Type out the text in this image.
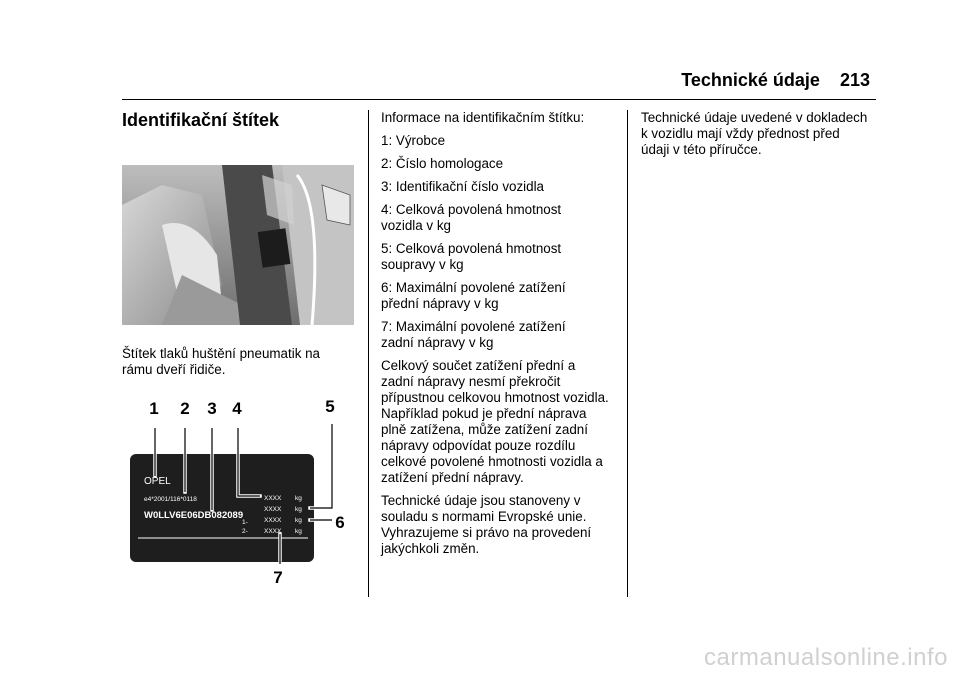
Technické údaje 213
Identifikační štítek
Štítek tlaků huštění pneumatik na rámu dveří řidiče.
OPEL
e4*2001/116*0118
W0LLV6E06DB082089
XXXX
XXXX
XXXX
XXXX
kg
kg
kg
kg
1-
2-
1 2 3 4	5
6
7

Informace na identifikačním štítku:

1: Výrobce

2: Číslo homologace

3: Identifikační číslo vozidla

4: Celková povolená hmotnost vozidla v kg

5: Celková povolená hmotnost soupravy v kg

6: Maximální povolené zatížení přední nápravy v kg

7: Maximální povolené zatížení zadní nápravy v kg

Celkový součet zatížení přední a zadní nápravy nesmí překročit přípustnou celkovou hmotnost vozidla. Například pokud je přední náprava plně zatížena, může zatížení zadní nápravy odpovídat pouze rozdílu celkové povolené hmotnosti vozidla a zatížení přední nápravy.

Technické údaje jsou stanoveny v souladu s normami Evropské unie. Vyhrazujeme si právo na provedení jakýchkoli změn.

Technické údaje uvedené v dokladech k vozidlu mají vždy přednost před údaji v této příručce.

carmanualsonline.info
